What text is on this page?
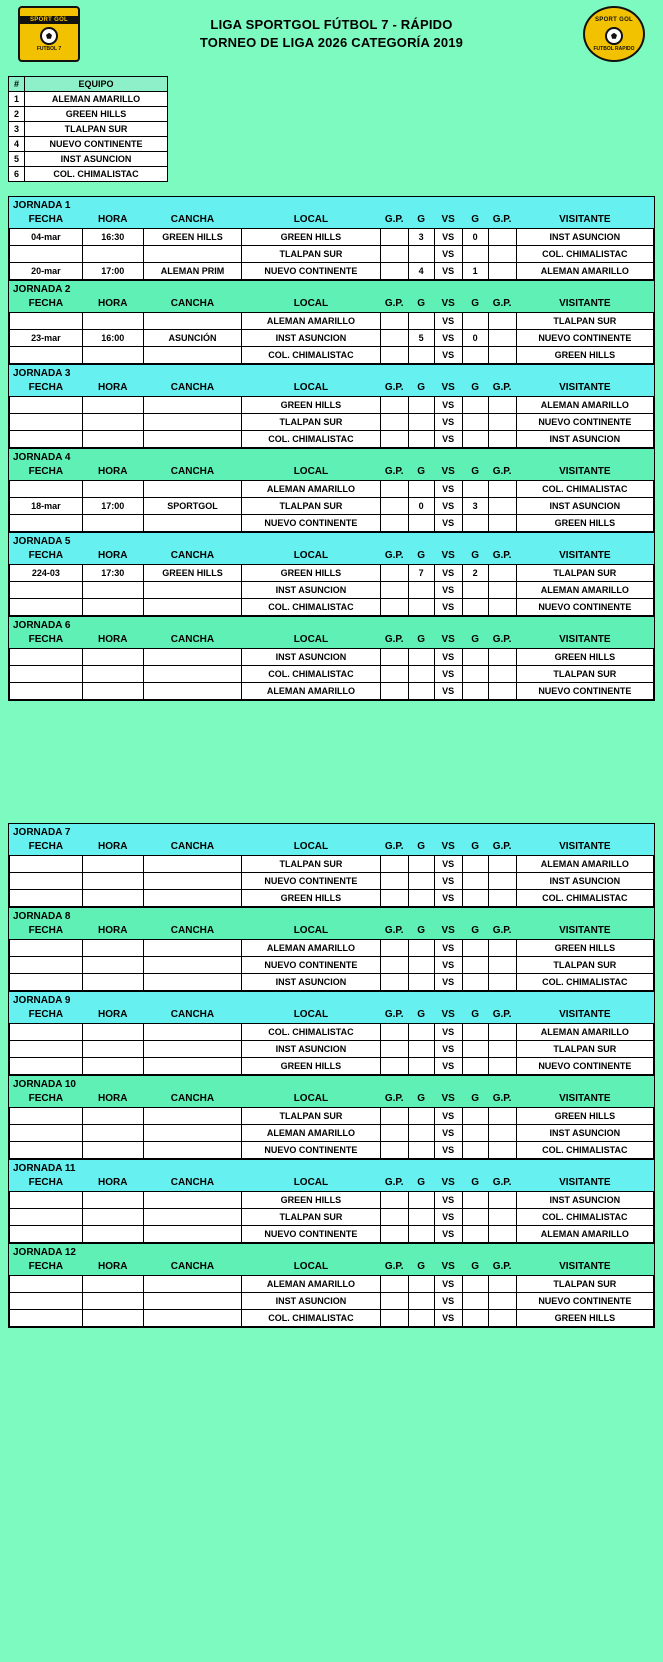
SPORT GOL
FUTBOL 7
LIGA SPORTGOL FÚTBOL 7 - RÁPIDO
TORNEO DE LIGA 2026 CATEGORÍA 2019
SPORT GOL
FUTBOL RAPIDO
#	EQUIPO
1	ALEMAN AMARILLO
2	GREEN HILLS
3	TLALPAN SUR
4	NUEVO CONTINENTE
5	INST ASUNCION
6	COL. CHIMALISTAC
JORNADA 1
FECHA	HORA	CANCHA	LOCAL	G.P.	G	VS	G	G.P.	VISITANTE
04-mar	16:30	GREEN HILLS	GREEN HILLS		3	VS	0		INST ASUNCION
			TLALPAN SUR			VS			COL. CHIMALISTAC
20-mar	17:00	ALEMAN PRIM	NUEVO CONTINENTE		4	VS	1		ALEMAN AMARILLO
JORNADA 2
FECHA	HORA	CANCHA	LOCAL	G.P.	G	VS	G	G.P.	VISITANTE
			ALEMAN AMARILLO			VS			TLALPAN SUR
23-mar	16:00	ASUNCIÓN	INST ASUNCION		5	VS	0		NUEVO CONTINENTE
			COL. CHIMALISTAC			VS			GREEN HILLS
JORNADA 3
FECHA	HORA	CANCHA	LOCAL	G.P.	G	VS	G	G.P.	VISITANTE
			GREEN HILLS			VS			ALEMAN AMARILLO
			TLALPAN SUR			VS			NUEVO CONTINENTE
			COL. CHIMALISTAC			VS			INST ASUNCION
JORNADA 4
FECHA	HORA	CANCHA	LOCAL	G.P.	G	VS	G	G.P.	VISITANTE
			ALEMAN AMARILLO			VS			COL. CHIMALISTAC
18-mar	17:00	SPORTGOL	TLALPAN SUR		0	VS	3		INST ASUNCION
			NUEVO CONTINENTE			VS			GREEN HILLS
JORNADA 5
FECHA	HORA	CANCHA	LOCAL	G.P.	G	VS	G	G.P.	VISITANTE
224-03	17:30	GREEN HILLS	GREEN HILLS		7	VS	2		TLALPAN SUR
			INST ASUNCION			VS			ALEMAN AMARILLO
			COL. CHIMALISTAC			VS			NUEVO CONTINENTE
JORNADA 6
FECHA	HORA	CANCHA	LOCAL	G.P.	G	VS	G	G.P.	VISITANTE
			INST ASUNCION			VS			GREEN HILLS
			COL. CHIMALISTAC			VS			TLALPAN SUR
			ALEMAN AMARILLO			VS			NUEVO CONTINENTE
JORNADA 7
FECHA	HORA	CANCHA	LOCAL	G.P.	G	VS	G	G.P.	VISITANTE
			TLALPAN SUR			VS			ALEMAN AMARILLO
			NUEVO CONTINENTE			VS			INST ASUNCION
			GREEN HILLS			VS			COL. CHIMALISTAC
JORNADA 8
FECHA	HORA	CANCHA	LOCAL	G.P.	G	VS	G	G.P.	VISITANTE
			ALEMAN AMARILLO			VS			GREEN HILLS
			NUEVO CONTINENTE			VS			TLALPAN SUR
			INST ASUNCION			VS			COL. CHIMALISTAC
JORNADA 9
FECHA	HORA	CANCHA	LOCAL	G.P.	G	VS	G	G.P.	VISITANTE
			COL. CHIMALISTAC			VS			ALEMAN AMARILLO
			INST ASUNCION			VS			TLALPAN SUR
			GREEN HILLS			VS			NUEVO CONTINENTE
JORNADA 10
FECHA	HORA	CANCHA	LOCAL	G.P.	G	VS	G	G.P.	VISITANTE
			TLALPAN SUR			VS			GREEN HILLS
			ALEMAN AMARILLO			VS			INST ASUNCION
			NUEVO CONTINENTE			VS			COL. CHIMALISTAC
JORNADA 11
FECHA	HORA	CANCHA	LOCAL	G.P.	G	VS	G	G.P.	VISITANTE
			GREEN HILLS			VS			INST ASUNCION
			TLALPAN SUR			VS			COL. CHIMALISTAC
			NUEVO CONTINENTE			VS			ALEMAN AMARILLO
JORNADA 12
FECHA	HORA	CANCHA	LOCAL	G.P.	G	VS	G	G.P.	VISITANTE
			ALEMAN AMARILLO			VS			TLALPAN SUR
			INST ASUNCION			VS			NUEVO CONTINENTE
			COL. CHIMALISTAC			VS			GREEN HILLS
